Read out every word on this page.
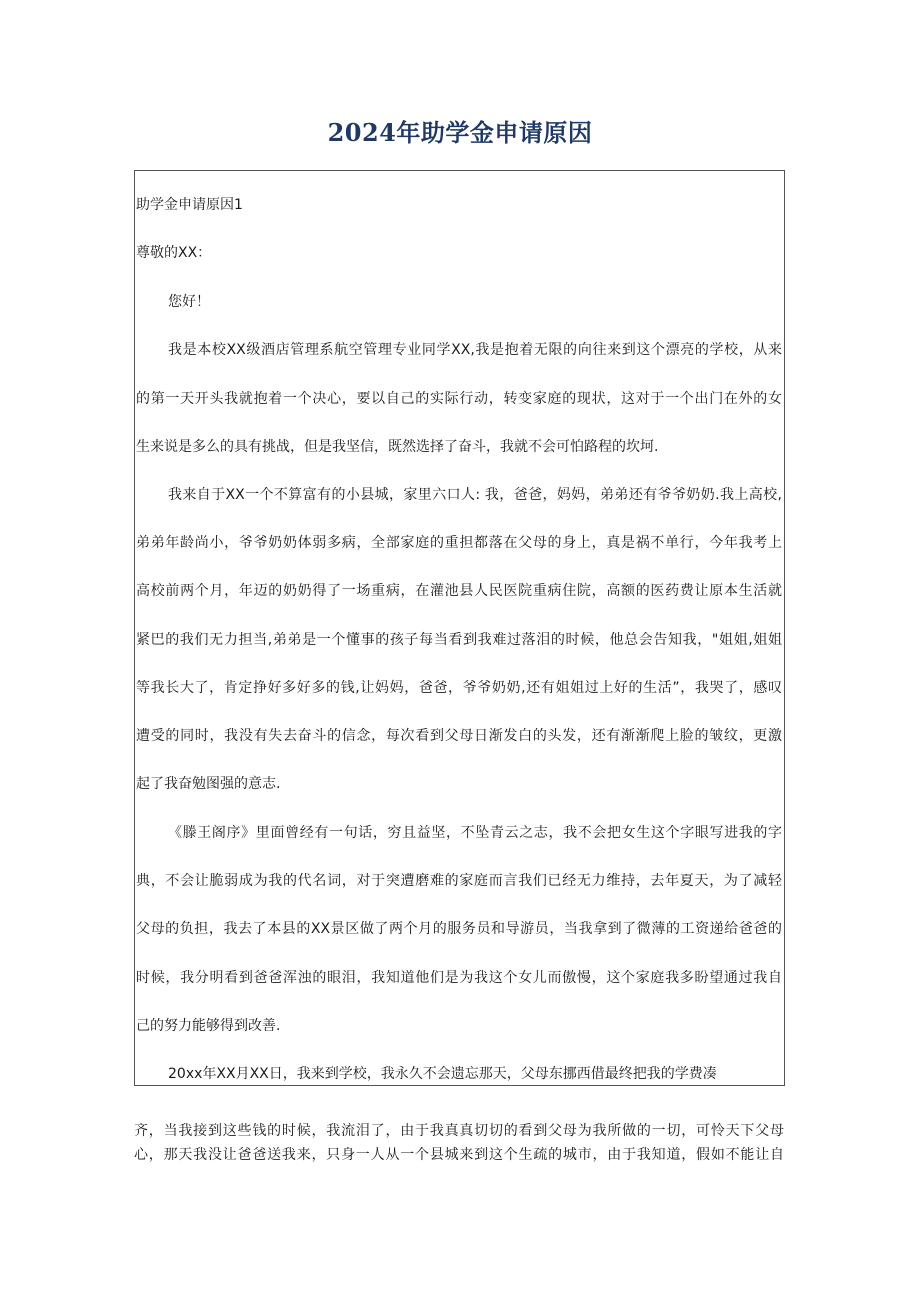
2024年助学金申请原因
助学金申请原因1
尊敬的XX：
您好！
我是本校XX级酒店管理系航空管理专业同学XX,我是抱着无限的向往来到这个漂亮的学校，从来
的第一天开头我就抱着一个决心，要以自己的实际行动，转变家庭的现状，这对于一个出门在外的女
生来说是多么的具有挑战，但是我坚信，既然选择了奋斗，我就不会可怕路程的坎坷.
我来自于XX一个不算富有的小县城，家里六口人: 我，爸爸，妈妈，弟弟还有爷爷奶奶.我上高校,
弟弟年龄尚小，爷爷奶奶体弱多病，全部家庭的重担都落在父母的身上，真是祸不单行，今年我考上
高校前两个月，年迈的奶奶得了一场重病，在灌池县人民医院重病住院，高额的医药费让原本生活就
紧巴的我们无力担当,弟弟是一个懂事的孩子每当看到我难过落泪的时候，他总会告知我，"姐姐,姐姐
等我长大了，肯定挣好多好多的钱,让妈妈，爸爸，爷爷奶奶,还有姐姐过上好的生活”，我哭了，感叹
遭受的同时，我没有失去奋斗的信念，每次看到父母日渐发白的头发，还有渐渐爬上脸的皱纹，更激
起了我奋勉图强的意志.
《滕王阁序》里面曾经有一句话，穷且益坚，不坠青云之志，我不会把女生这个字眼写进我的字
典，不会让脆弱成为我的代名词，对于突遭磨难的家庭而言我们已经无力维持，去年夏天，为了减轻
父母的负担，我去了本县的XX景区做了两个月的服务员和导游员，当我拿到了微薄的工资递给爸爸的
时候，我分明看到爸爸浑浊的眼泪，我知道他们是为我这个女儿而傲慢，这个家庭我多盼望通过我自
己的努力能够得到改善.
20xx年XX月XX日，我来到学校，我永久不会遗忘那天，父母东挪西借最终把我的学费凑
齐，当我接到这些钱的时候，我流泪了，由于我真真切切的看到父母为我所做的一切，可怜天下父母
心，那天我没让爸爸送我来，只身一人从一个县城来到这个生疏的城市，由于我知道，假如不能让自
